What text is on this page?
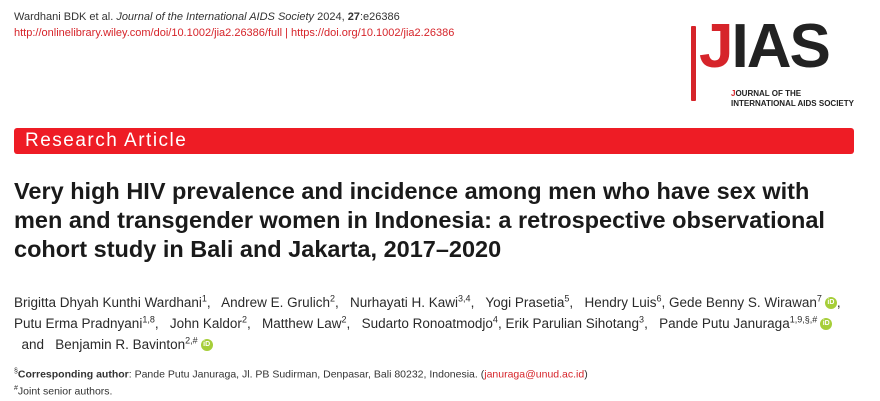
Wardhani BDK et al. Journal of the International AIDS Society 2024, 27:e26386
http://onlinelibrary.wiley.com/doi/10.1002/jia2.26386/full | https://doi.org/10.1002/jia2.26386	JIAS
JOURNAL OF THE
INTERNATIONAL AIDS SOCIETY
Research Article
Very high HIV prevalence and incidence among men who have sex with men and transgender women in Indonesia: a retrospective observational cohort study in Bali and Jakarta, 2017–2020
Brigitta Dhyah Kunthi Wardhani$^1$,   Andrew E. Grulich$^2$,   Nurhayati H. Kawi$^{3,4}$,   Yogi Prasetia$^5$,   Hendry Luis$^6$, Gede Benny S. Wirawan$^7$ iD ,   Putu Erma Pradnyani$^{1,8}$,   John Kaldor$^2$,   Matthew Law$^2$,   Sudarto Ronoatmodjo$^4$, Erik Parulian Sihotang$^3$,   Pande Putu Januraga$^{1,9,\S,\#}$ iD  and   Benjamin R. Bavinton$^{2,\#}$ iD
§Corresponding author: Pande Putu Januraga, Jl. PB Sudirman, Denpasar, Bali 80232, Indonesia. (januraga@unud.ac.id)
#Joint senior authors.
